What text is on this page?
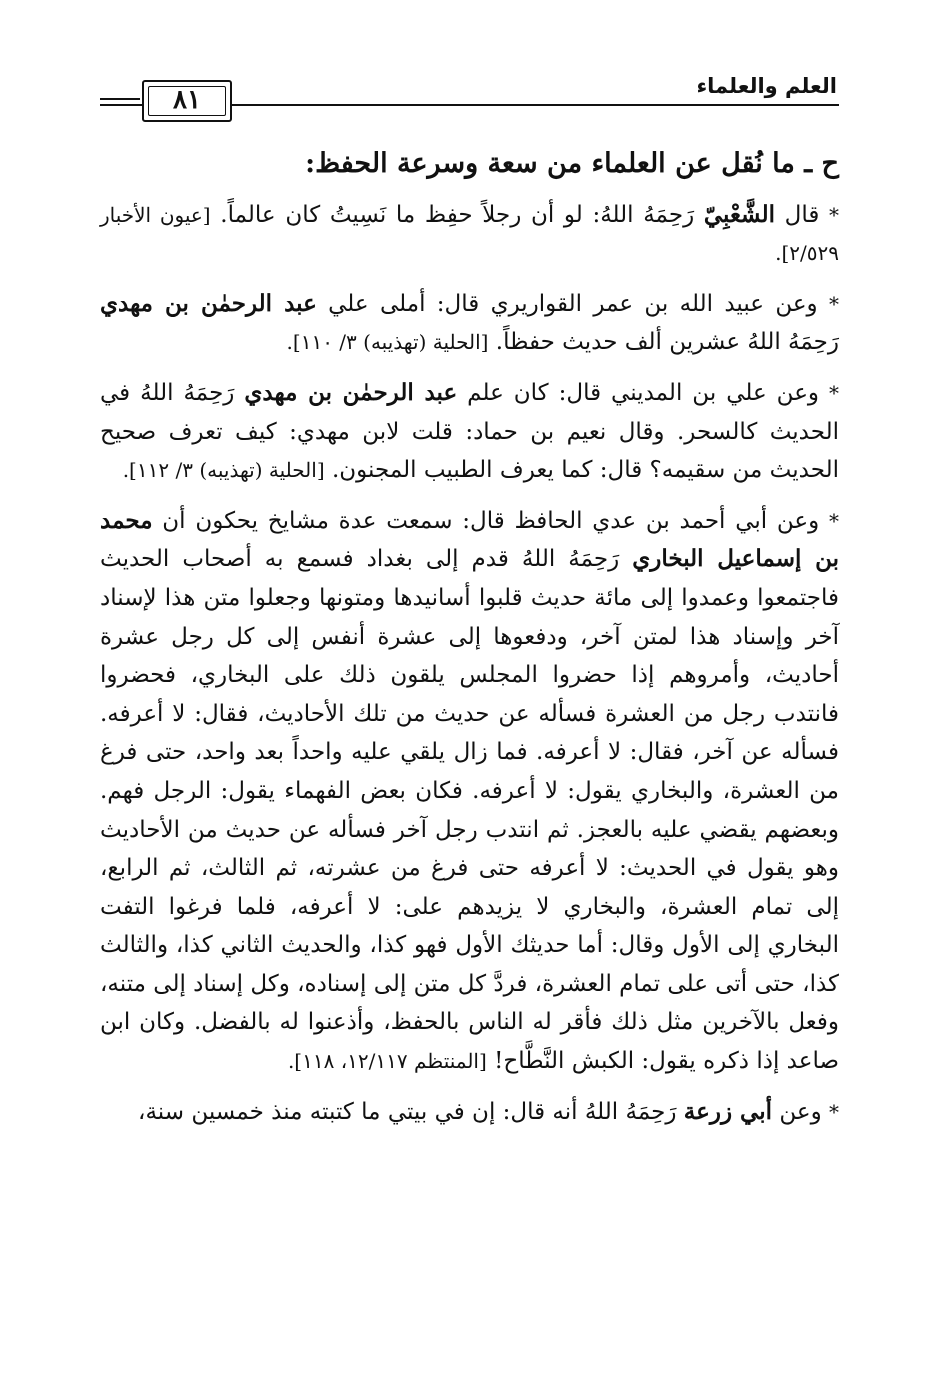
العلم والعلماء
٨١

ح ـ ما نُقل عن العلماء من سعة وسرعة الحفظ:

* قال الشَّعْبِيّ رَحِمَهُ اللهُ: لو أن رجلاً حفِظ ما نَسِيتُ كان عالماً. [عيون الأخبار ٢/٥٢٩].

* وعن عبيد الله بن عمر القواريري قال: أملى علي عبد الرحمٰن بن مهدي رَحِمَهُ اللهُ عشرين ألف حديث حفظاً. [الحلية (تهذيبه) ٣/ ١١٠].

* وعن علي بن المديني قال: كان علم عبد الرحمٰن بن مهدي رَحِمَهُ اللهُ في الحديث كالسحر. وقال نعيم بن حماد: قلت لابن مهدي: كيف تعرف صحيح الحديث من سقيمه؟ قال: كما يعرف الطبيب المجنون. [الحلية (تهذيبه) ٣/ ١١٢].

* وعن أبي أحمد بن عدي الحافظ قال: سمعت عدة مشايخ يحكون أن محمد بن إسماعيل البخاري رَحِمَهُ اللهُ قدم إلى بغداد فسمع به أصحاب الحديث فاجتمعوا وعمدوا إلى مائة حديث قلبوا أسانيدها ومتونها وجعلوا متن هذا لإسناد آخر وإسناد هذا لمتن آخر، ودفعوها إلى عشرة أنفس إلى كل رجل عشرة أحاديث، وأمروهم إذا حضروا المجلس يلقون ذلك على البخاري، فحضروا فانتدب رجل من العشرة فسأله عن حديث من تلك الأحاديث، فقال: لا أعرفه. فسأله عن آخر، فقال: لا أعرفه. فما زال يلقي عليه واحداً بعد واحد، حتى فرغ من العشرة، والبخاري يقول: لا أعرفه. فكان بعض الفهماء يقول: الرجل فهم. وبعضهم يقضي عليه بالعجز. ثم انتدب رجل آخر فسأله عن حديث من الأحاديث وهو يقول في الحديث: لا أعرفه حتى فرغ من عشرته، ثم الثالث، ثم الرابع، إلى تمام العشرة، والبخاري لا يزيدهم على: لا أعرفه، فلما فرغوا التفت البخاري إلى الأول وقال: أما حديثك الأول فهو كذا، والحديث الثاني كذا، والثالث كذا، حتى أتى على تمام العشرة، فردَّ كل متن إلى إسناده، وكل إسناد إلى متنه، وفعل بالآخرين مثل ذلك فأقر له الناس بالحفظ، وأذعنوا له بالفضل. وكان ابن صاعد إذا ذكره يقول: الكبش النَّطَّاح! [المنتظم ١٢/١١٧، ١١٨].

* وعن أبي زرعة رَحِمَهُ اللهُ أنه قال: إن في بيتي ما كتبته منذ خمسين سنة،
